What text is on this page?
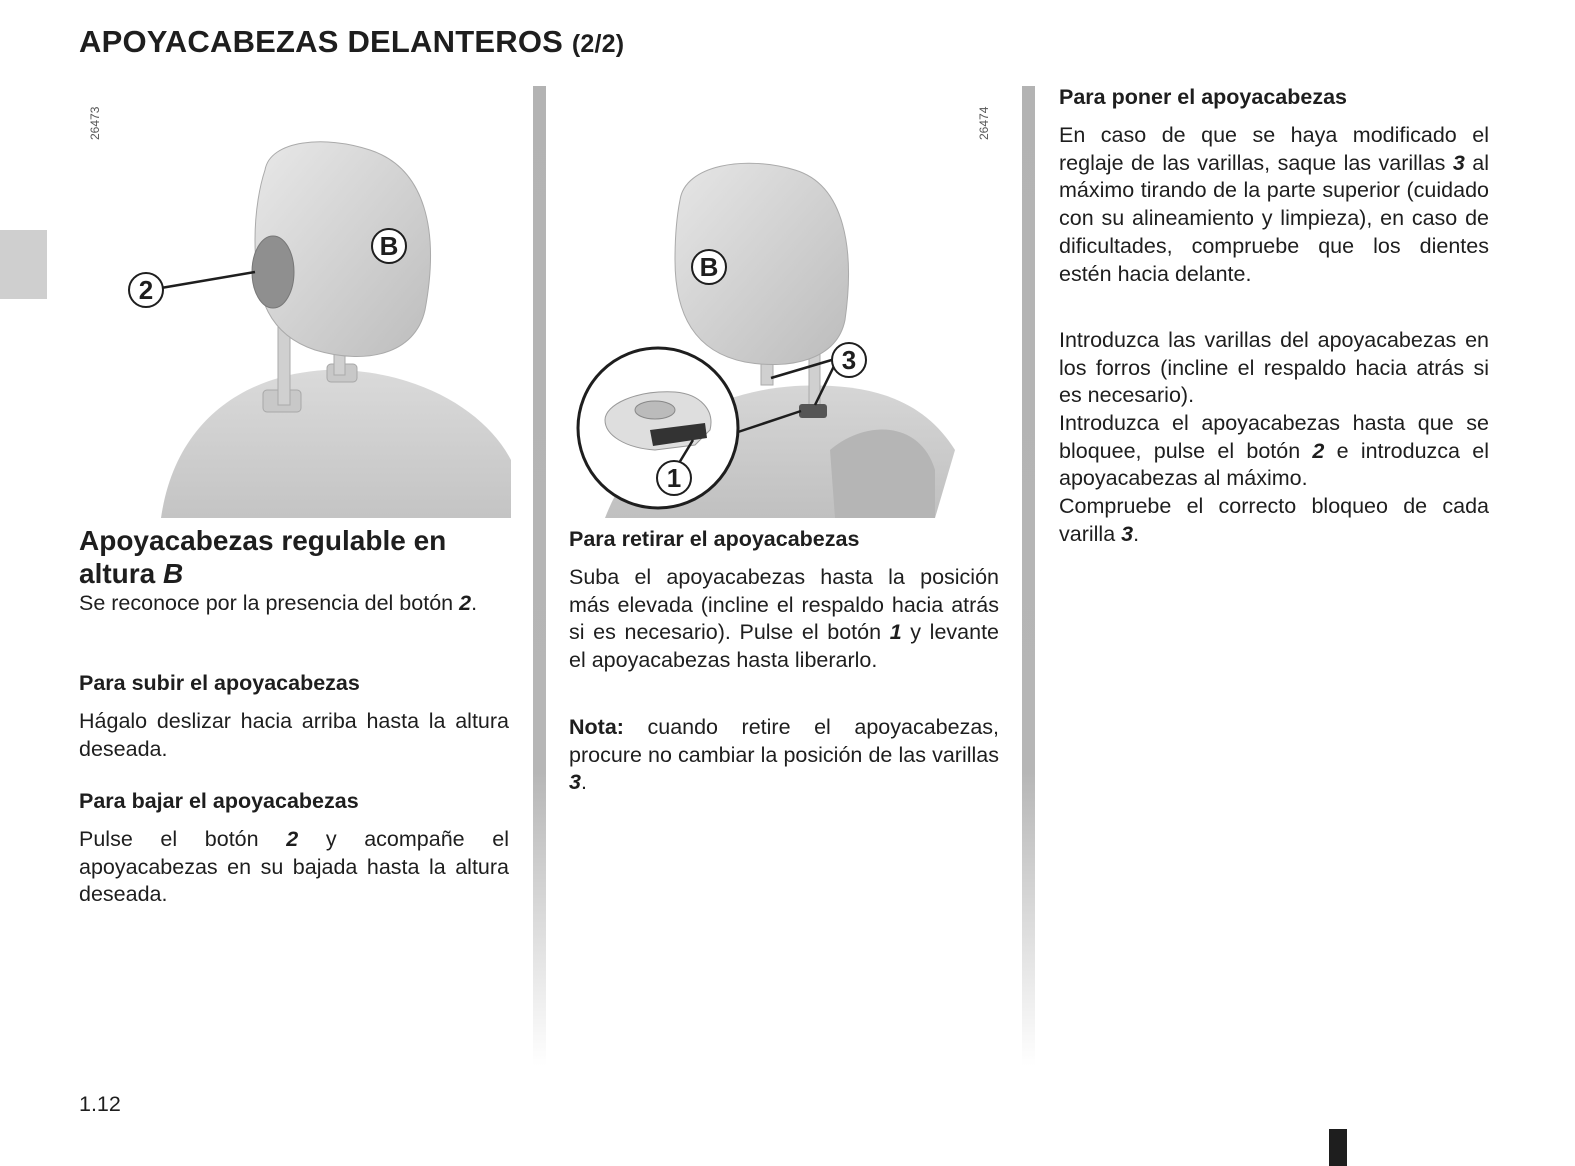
APOYACABEZAS DELANTEROS (2/2)
26473	26474
B
2
B
3
1
Apoyacabezas regulable en
altura B
Se reconoce por la presencia del botón 2.
Para subir el apoyacabezas
Hágalo deslizar hacia arriba hasta la altura deseada.
Para bajar el apoyacabezas
Pulse el botón 2 y acompañe el apoyacabezas en su bajada hasta la altura deseada.
Para retirar el apoyacabezas
Suba el apoyacabezas hasta la posición más elevada (incline el respaldo hacia atrás si es necesario). Pulse el botón 1 y levante el apoyacabezas hasta liberarlo.
Nota: cuando retire el apoyacabezas, procure no cambiar la posición de las varillas 3.
Para poner el apoyacabezas
En caso de que se haya modificado el reglaje de las varillas, saque las varillas 3 al máximo tirando de la parte superior (cuidado con su alineamiento y limpieza), en caso de dificultades, compruebe que los dientes estén hacia delante.
Introduzca las varillas del apoyacabezas en los forros (incline el respaldo hacia atrás si es necesario).
Introduzca el apoyacabezas hasta que se bloquee, pulse el botón 2 e introduzca el apoyacabezas al máximo.
Compruebe el correcto bloqueo de cada varilla 3.
1.12
